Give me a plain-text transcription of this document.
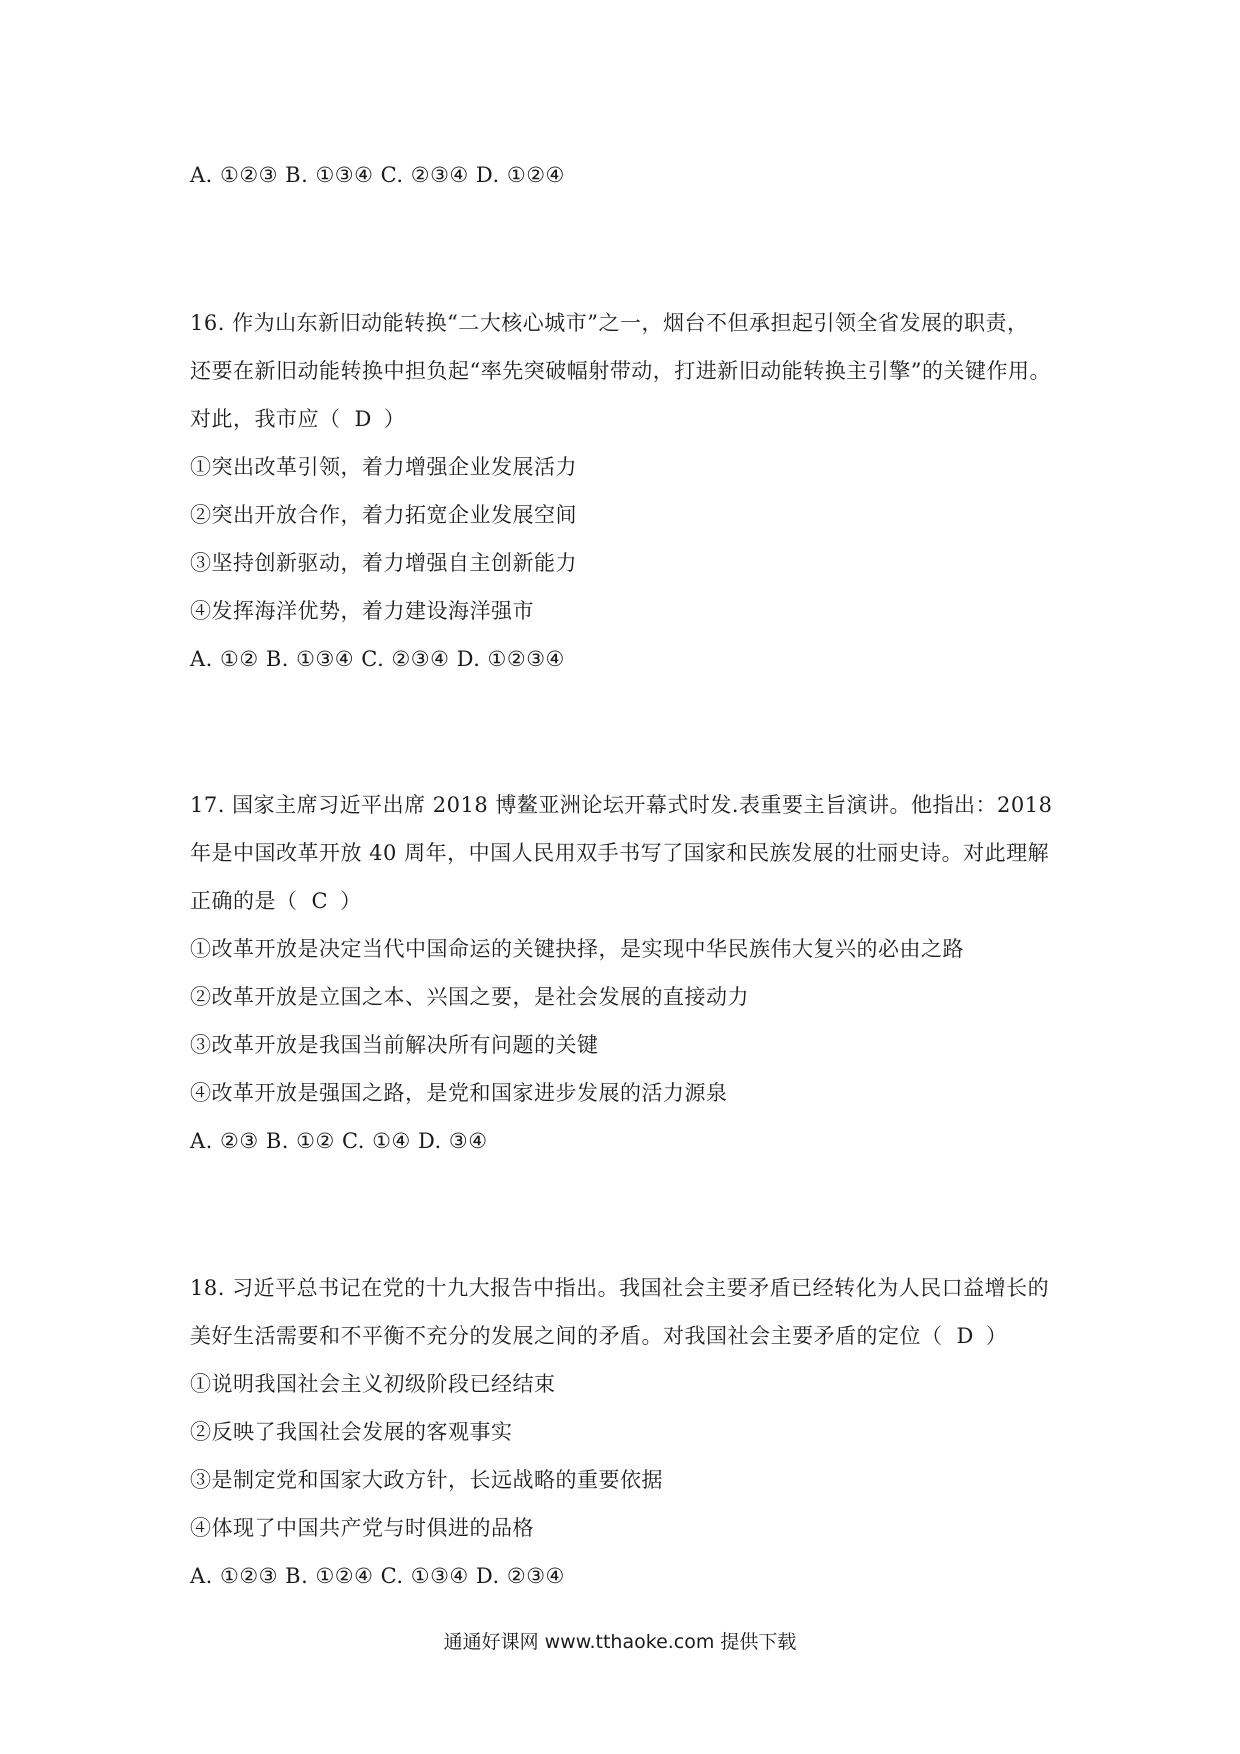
A. ①②③ B. ①③④ C. ②③④ D. ①②④
16. 作为山东新旧动能转换“二大核心城市”之一，烟台不但承担起引领全省发展的职责，
还要在新旧动能转换中担负起“率先突破幅射带动，打进新旧动能转换主引擎”的关键作用。
对此，我市应（ D ）
①突出改革引领，着力增强企业发展活力
②突出开放合作，着力拓宽企业发展空间
③坚持创新驱动，着力增强自主创新能力
④发挥海洋优势，着力建设海洋强市
A. ①② B. ①③④ C. ②③④ D. ①②③④
17. 国家主席习近平出席 2018 博鳌亚洲论坛开幕式时发.表重要主旨演讲。他指出：2018
年是中国改革开放 40 周年，中国人民用双手书写了国家和民族发展的壮丽史诗。对此理解
正确的是（ C ）
①改革开放是决定当代中国命运的关键抉择，是实现中华民族伟大复兴的必由之路
②改革开放是立国之本、兴国之要，是社会发展的直接动力
③改革开放是我国当前解决所有问题的关键
④改革开放是强国之路，是党和国家进步发展的活力源泉
A. ②③ B. ①② C. ①④ D. ③④
18. 习近平总书记在党的十九大报告中指出。我国社会主要矛盾已经转化为人民口益增长的
美好生活需要和不平衡不充分的发展之间的矛盾。对我国社会主要矛盾的定位（ D ）
①说明我国社会主义初级阶段已经结束
②反映了我国社会发展的客观事实
③是制定党和国家大政方针，长远战略的重要依据
④体现了中国共产党与时俱进的品格
A. ①②③ B. ①②④ C. ①③④ D. ②③④
通通好课网 www.tthaoke.com 提供下载
